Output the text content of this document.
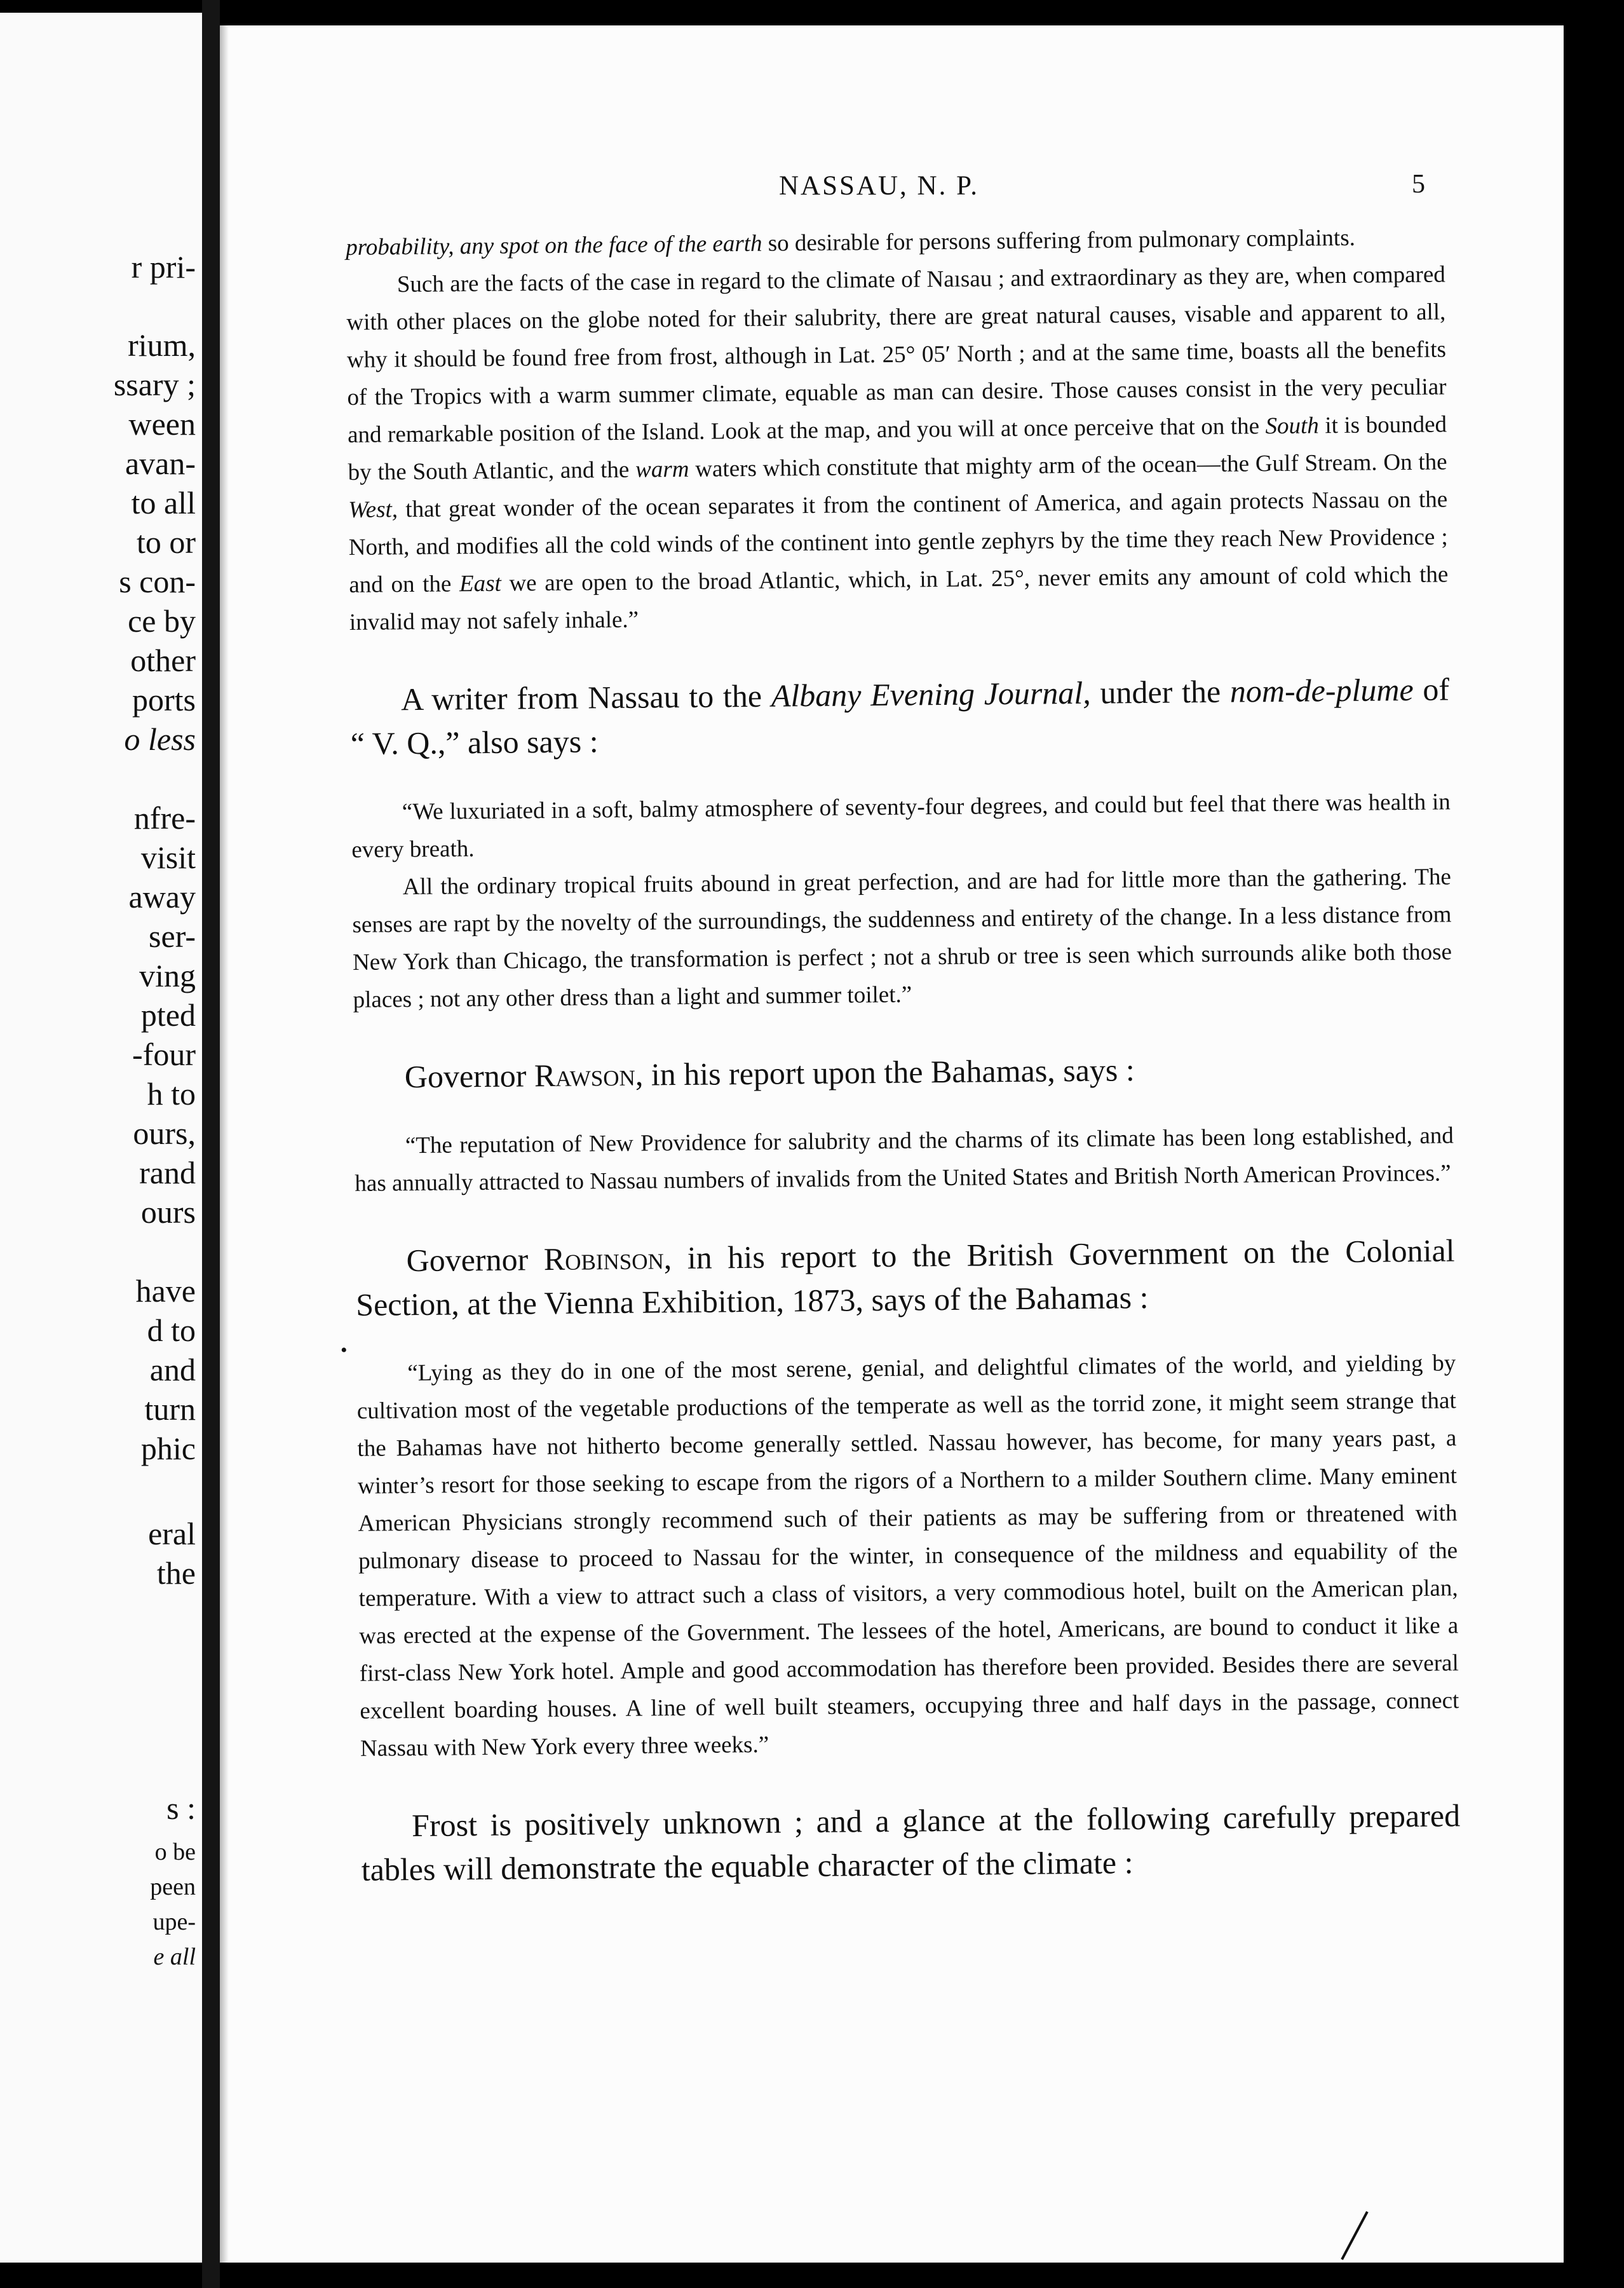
r pri-
rium,
ssary ;
ween
avan-
to all
to or
s con-
ce by
other
ports
o less
nfre-
visit
away
ser-
ving
pted
-four
h to
ours,
rand
ours
have
d to
and
turn
phic
eral
the
s :
o be
peen
upe-
e all
NASSAU, N. P.	5

probability, any spot on the face of the earth so desirable for persons suffering from pulmonary complaints.

Such are the facts of the case in regard to the climate of Naısau ; and extraordinary as they are, when compared with other places on the globe noted for their salubrity, there are great natural causes, visable and apparent to all, why it should be found free from frost, although in Lat. 25° 05′ North ; and at the same time, boasts all the benefits of the Tropics with a warm summer climate, equable as man can desire. Those causes consist in the very peculiar and remarkable position of the Island. Look at the map, and you will at once perceive that on the South it is bounded by the South Atlantic, and the warm waters which constitute that mighty arm of the ocean—the Gulf Stream. On the West, that great wonder of the ocean separates it from the continent of America, and again protects Nassau on the North, and modifies all the cold winds of the continent into gentle zephyrs by the time they reach New Providence ; and on the East we are open to the broad Atlantic, which, in Lat. 25°, never emits any amount of cold which the invalid may not safely inhale.”

A writer from Nassau to the Albany Evening Journal, under the nom-de-plume of “ V. Q.,” also says :

“We luxuriated in a soft, balmy atmosphere of seventy-four degrees, and could but feel that there was health in every breath.

All the ordinary tropical fruits abound in great perfection, and are had for little more than the gathering. The senses are rapt by the novelty of the surroundings, the suddenness and entirety of the change. In a less distance from New York than Chicago, the transformation is perfect ; not a shrub or tree is seen which surrounds alike both those places ; not any other dress than a light and summer toilet.”

Governor Rawson, in his report upon the Bahamas, says :

“The reputation of New Providence for salubrity and the charms of its climate has been long established, and has annually attracted to Nassau numbers of invalids from the United States and British North American Provinces.”

Governor Robinson, in his report to the British Government on the Colonial Section, at the Vienna Exhibition, 1873, says of the Bahamas :

“Lying as they do in one of the most serene, genial, and delightful climates of the world, and yielding by cultivation most of the vegetable productions of the temperate as well as the torrid zone, it might seem strange that the Bahamas have not hitherto become generally settled. Nassau however, has become, for many years past, a winter’s resort for those seeking to escape from the rigors of a Northern to a milder Southern clime. Many eminent American Physicians strongly recommend such of their patients as may be suffering from or threatened with pulmonary disease to proceed to Nassau for the winter, in consequence of the mildness and equability of the temperature. With a view to attract such a class of visitors, a very commodious hotel, built on the American plan, was erected at the expense of the Government. The lessees of the hotel, Americans, are bound to conduct it like a first-class New York hotel. Ample and good accommodation has therefore been provided. Besides there are several excellent boarding houses. A line of well built steamers, occupying three and half days in the passage, connect Nassau with New York every three weeks.”

Frost is positively unknown ; and a glance at the following carefully prepared tables will demonstrate the equable character of the climate :

•
